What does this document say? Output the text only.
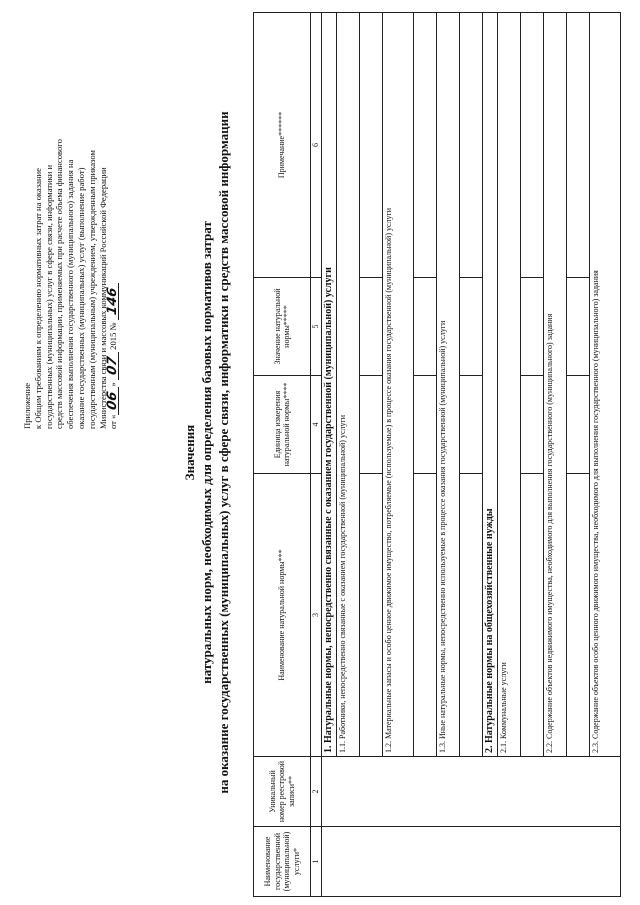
Приложение к Общим требованиям к определению нормативных затрат на оказание государственных (муниципальных) услуг в сфере связи, информатики и средств массовой информации, применяемых при расчете объема финансового обеспечения выполнения государственного (муниципального) задания на оказание государственных (муниципальных) услуг (выполнение работ) государственным (муниципальным) учреждением, утвержденным приказом Министерства связи и массовых коммуникаций Российской Федерации от «06» 07 2015 № 146
Значения натуральных норм, необходимых для определения базовых нормативов затрат на оказание государственных (муниципальных) услуг в сфере связи, информатики и средств массовой информации
Наименование государственной (муниципальной) услуги*	Уникальный номер реестровой записи**	Наименование натуральной нормы***	Единица измерения натуральной нормы****	Значение натуральной нормы*****	Примечание******
1	2	3	4	5	6
		1. Натуральные нормы, непосредственно связанные с оказанием государственной (муниципальной) услуги			
		1.1. Работники, непосредственно связанные с оказанием государственной (муниципальной) услуги			

		1.2. Материальные запасы и особо ценное движимое имущество, потребляемые (используемые) в процессе оказания государственной (муниципальной) услуги			

		1.3. Иные натуральные нормы, непосредственно используемые в процессе оказания государственной (муниципальной) услуги			

		2. Натуральные нормы на общехозяйственные нужды			
		2.1. Коммунальные услуги			

		2.2. Содержание объектов недвижимого имущества, необходимого для выполнения государственного (муниципального) задания			

		2.3. Содержание объектов особо ценного движимого имущества, необходимого для выполнения государственного (муниципального) задания			
